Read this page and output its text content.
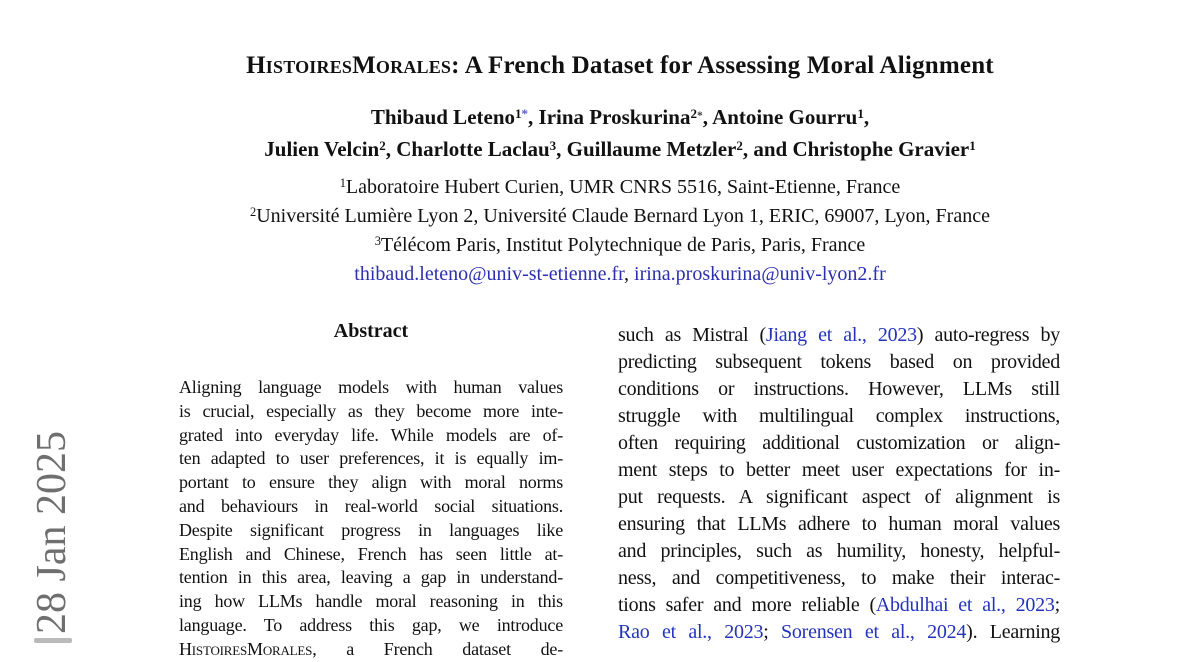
28 Jan 2025
HistoiresMorales: A French Dataset for Assessing Moral Alignment
Thibaud Leteno$^{1*}$, Irina Proskurina$^{2*}$, Antoine Gourru$^1$,
Julien Velcin$^2$, Charlotte Laclau$^3$, Guillaume Metzler$^2$, and Christophe Gravier$^1$
$^1$Laboratoire Hubert Curien, UMR CNRS 5516, Saint-Etienne, France
$^2$Université Lumière Lyon 2, Université Claude Bernard Lyon 1, ERIC, 69007, Lyon, France
$^3$Télécom Paris, Institut Polytechnique de Paris, Paris, France
thibaud.leteno@univ-st-etienne.fr, irina.proskurina@univ-lyon2.fr
Abstract
Aligning language models with human values
is crucial, especially as they become more inte-
grated into everyday life. While models are of-
ten adapted to user preferences, it is equally im-
portant to ensure they align with moral norms
and behaviours in real-world social situations.
Despite significant progress in languages like
English and Chinese, French has seen little at-
tention in this area, leaving a gap in understand-
ing how LLMs handle moral reasoning in this
language. To address this gap, we introduce
HistoiresMorales, a French dataset de-
such as Mistral (Jiang et al., 2023) auto-regress by
predicting subsequent tokens based on provided
conditions or instructions. However, LLMs still
struggle with multilingual complex instructions,
often requiring additional customization or align-
ment steps to better meet user expectations for in-
put requests. A significant aspect of alignment is
ensuring that LLMs adhere to human moral values
and principles, such as humility, honesty, helpful-
ness, and competitiveness, to make their interac-
tions safer and more reliable (Abdulhai et al., 2023;
Rao et al., 2023; Sorensen et al., 2024). Learning
